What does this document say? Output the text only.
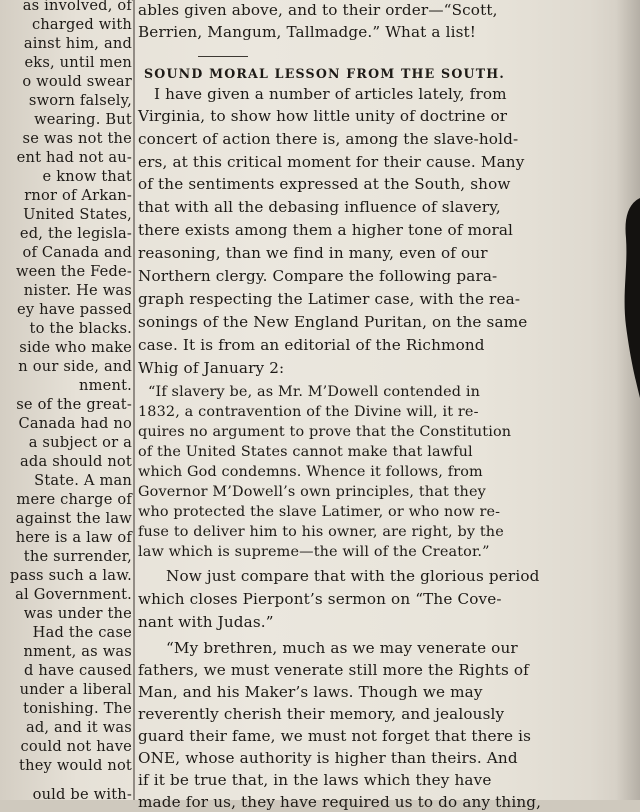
as involved, of
charged with
ainst him, and
eks, until men
o would swear
sworn falsely,
wearing. But
se was not the
ent had not au-
e know that
rnor of Arkan-
United States,
ed, the legisla-
of Canada and
ween the Fede-
nister. He was
ey have passed
to the blacks.
side who make
n our side, and
nment.
se of the great-
Canada had no
a subject or a
ada should not
State. A man
mere charge of
against the law
here is a law of
the surrender,
pass such a law.
al Government.
was under the
Had the case
nment, as was
d have caused
under a liberal
tonishing. The
ad, and it was
could not have
they would not
ould be with-
ables given above, and to their order—“Scott,
Berrien, Mangum, Tallmadge.” What a list!
SOUND MORAL LESSON FROM THE SOUTH.
I have given a number of articles lately, from
Virginia, to show how little unity of doctrine or
concert of action there is, among the slave-hold-
ers, at this critical moment for their cause. Many
of the sentiments expressed at the South, show
that with all the debasing influence of slavery,
there exists among them a higher tone of moral
reasoning, than we find in many, even of our
Northern clergy. Compare the following para-
graph respecting the Latimer case, with the rea-
sonings of the New England Puritan, on the same
case. It is from an editorial of the Richmond
Whig of January 2:
“If slavery be, as Mr. M’Dowell contended in
1832, a contravention of the Divine will, it re-
quires no argument to prove that the Constitution
of the United States cannot make that lawful
which God condemns. Whence it follows, from
Governor M’Dowell’s own principles, that they
who protected the slave Latimer, or who now re-
fuse to deliver him to his owner, are right, by the
law which is supreme—the will of the Creator.”
Now just compare that with the glorious period
which closes Pierpont’s sermon on “The Cove-
nant with Judas.”
“My brethren, much as we may venerate our
fathers, we must venerate still more the Rights of
Man, and his Maker’s laws. Though we may
reverently cherish their memory, and jealously
guard their fame, we must not forget that there is
ONE, whose authority is higher than theirs. And
if it be true that, in the laws which they have
made for us, they have required us to do any thing,
